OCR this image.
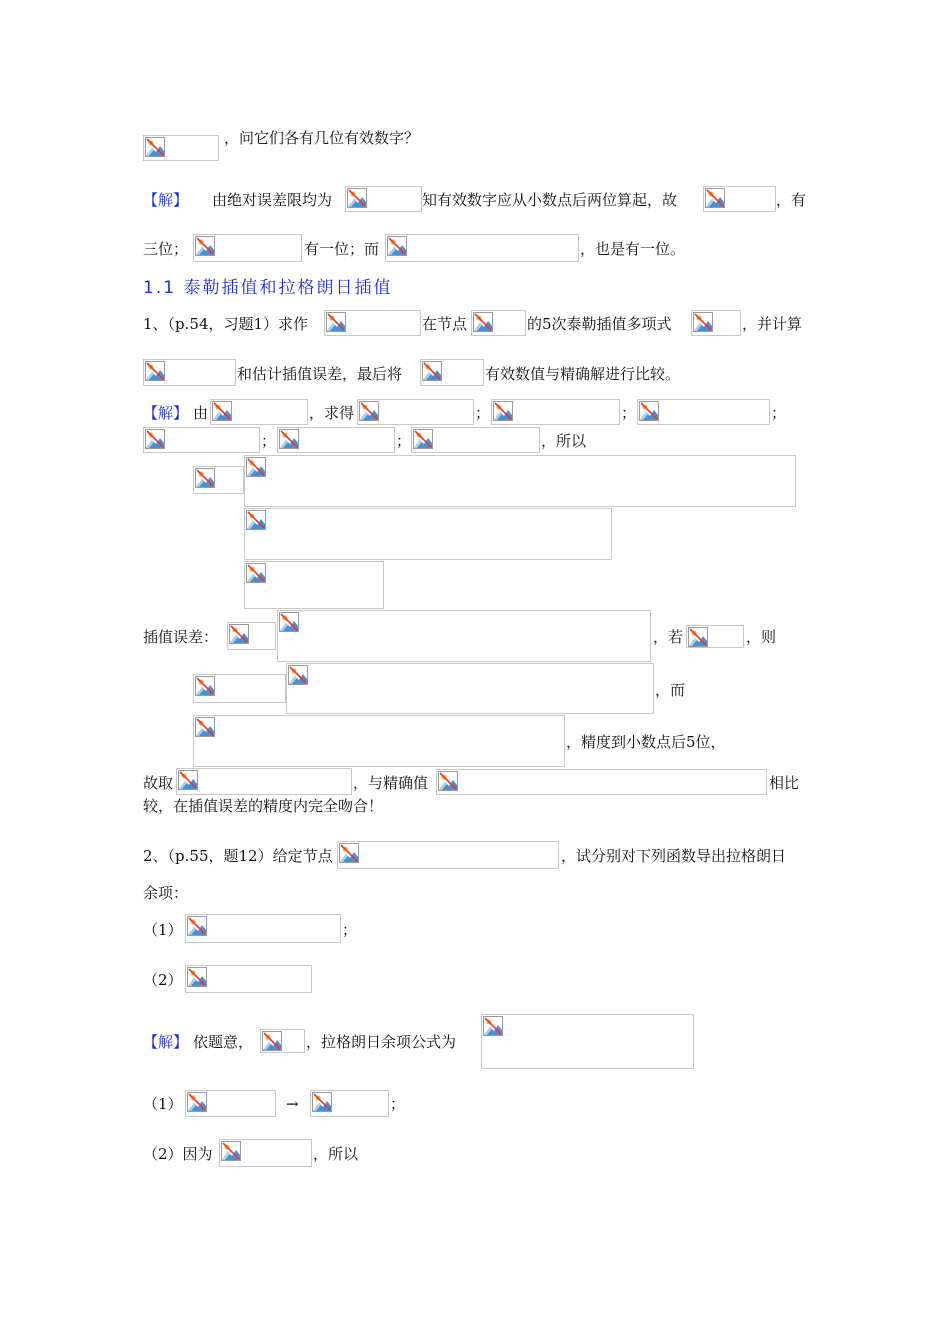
，问它们各有几位有效数字？
【解】 由绝对误差限均为	知有效数字应从小数点后两位算起，故	，有
三位；	有一位；而	，也是有一位。
1.1 泰勒插值和拉格朗日插值
1、（p.54，习题1）求作	在节点	的5次泰勒插值多项式	，并计算
和估计插值误差，最后将	有效数值与精确解进行比较。
【解】 由	，求得	；	；	；
；	；	，所以
插值误差：	，若	，则
，而
，精度到小数点后5位，
故取	，与精确值	相比
较，在插值误差的精度内完全吻合！
2、（p.55，题12）给定节点	，试分别对下列函数导出拉格朗日
余项：
（1）	；
（2）
【解】 依题意，	，拉格朗日余项公式为
（1）	→	；
（2）因为	，所以
